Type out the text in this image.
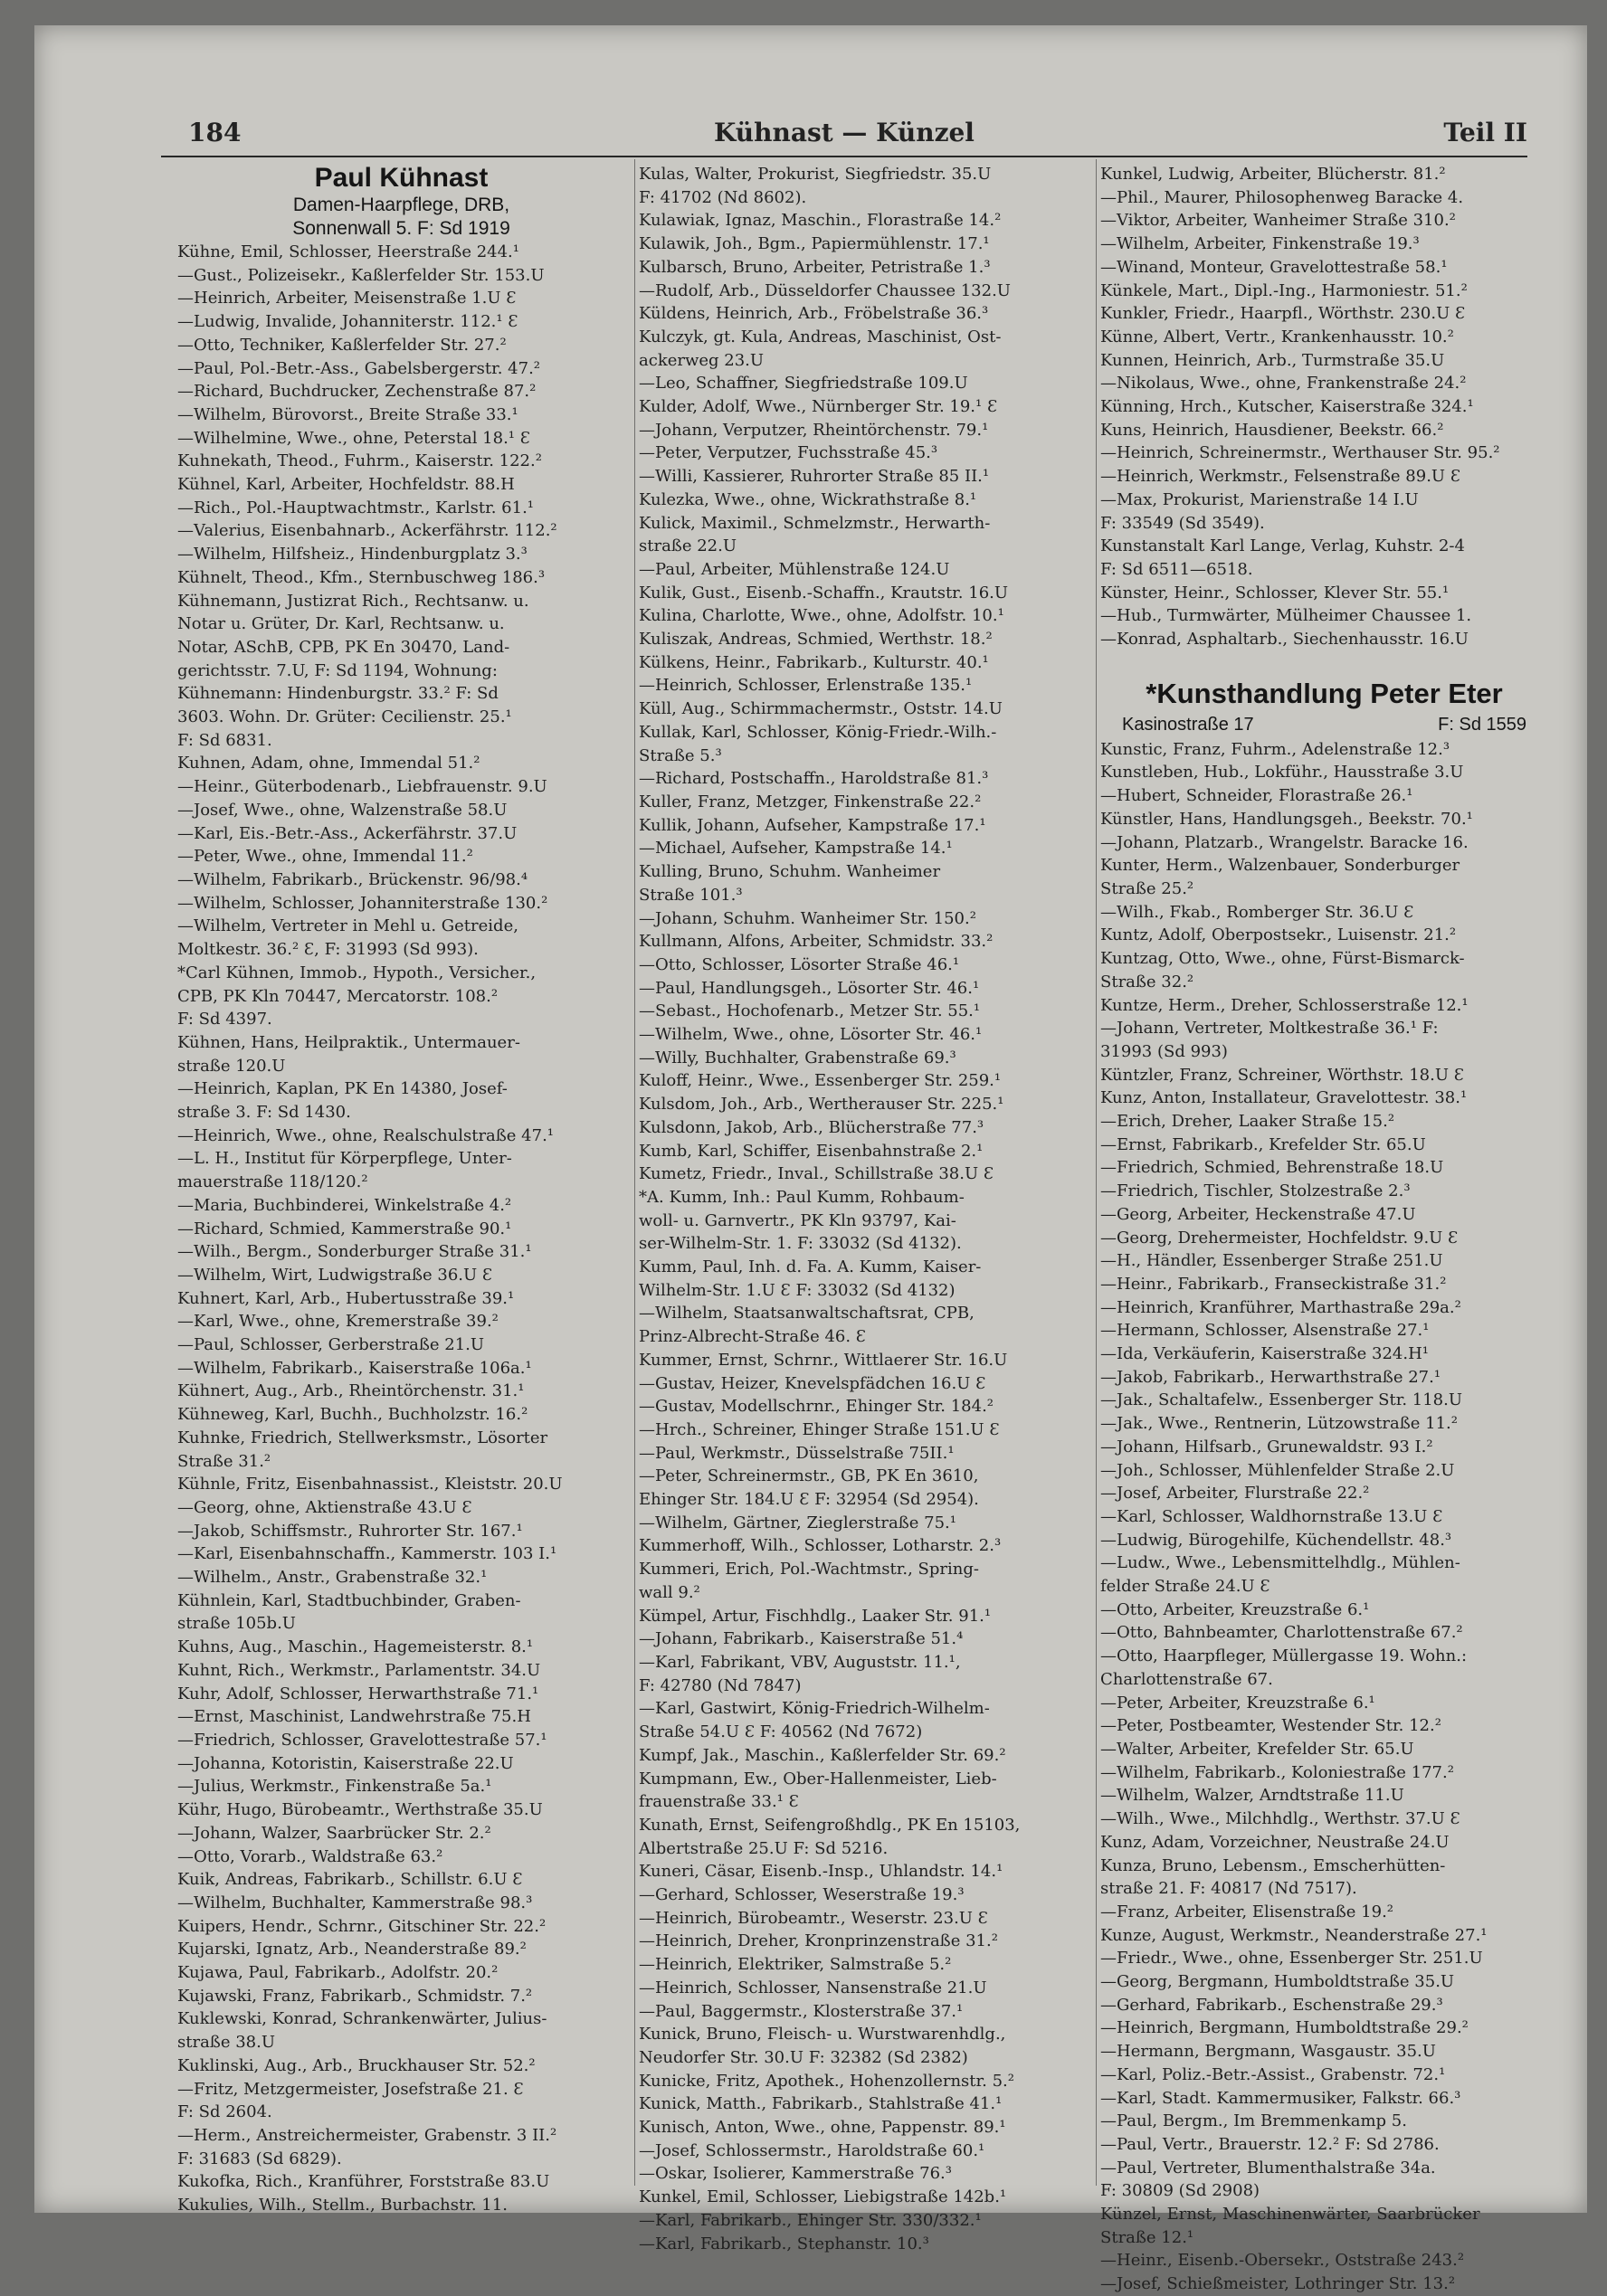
184	Kühnast — Künzel	Teil II
Paul Kühnast
Damen-Haarpflege, DRB,
Sonnenwall 5. F: Sd 1919
Kühne, Emil, Schlosser, Heerstraße 244.¹
—Gust., Polizeisekr., Kaßlerfelder Str. 153.U
—Heinrich, Arbeiter, Meisenstraße 1.U Ɛ
—Ludwig, Invalide, Johanniterstr. 112.¹ Ɛ
—Otto, Techniker, Kaßlerfelder Str. 27.²
—Paul, Pol.-Betr.-Ass., Gabelsbergerstr. 47.²
—Richard, Buchdrucker, Zechenstraße 87.²
—Wilhelm, Bürovorst., Breite Straße 33.¹
—Wilhelmine, Wwe., ohne, Peterstal 18.¹ Ɛ
Kuhnekath, Theod., Fuhrm., Kaiserstr. 122.²
Kühnel, Karl, Arbeiter, Hochfeldstr. 88.H
—Rich., Pol.-Hauptwachtmstr., Karlstr. 61.¹
—Valerius, Eisenbahnarb., Ackerfährstr. 112.²
—Wilhelm, Hilfsheiz., Hindenburgplatz 3.³
Kühnelt, Theod., Kfm., Sternbuschweg 186.³
Kühnemann, Justizrat Rich., Rechtsanw. u.
Notar u. Grüter, Dr. Karl, Rechtsanw. u.
Notar, ASchB, CPB, PK En 30470, Land-
gerichtsstr. 7.U, F: Sd 1194, Wohnung:
Kühnemann: Hindenburgstr. 33.² F: Sd
3603. Wohn. Dr. Grüter: Cecilienstr. 25.¹
F: Sd 6831.
Kuhnen, Adam, ohne, Immendal 51.²
—Heinr., Güterbodenarb., Liebfrauenstr. 9.U
—Josef, Wwe., ohne, Walzenstraße 58.U
—Karl, Eis.-Betr.-Ass., Ackerfährstr. 37.U
—Peter, Wwe., ohne, Immendal 11.²
—Wilhelm, Fabrikarb., Brückenstr. 96/98.⁴
—Wilhelm, Schlosser, Johanniterstraße 130.²
—Wilhelm, Vertreter in Mehl u. Getreide,
Moltkestr. 36.² Ɛ, F: 31993 (Sd 993).
*Carl Kühnen, Immob., Hypoth., Versicher.,
CPB, PK Kln 70447, Mercatorstr. 108.²
F: Sd 4397.
Kühnen, Hans, Heilpraktik., Untermauer-
straße 120.U
—Heinrich, Kaplan, PK En 14380, Josef-
straße 3. F: Sd 1430.
—Heinrich, Wwe., ohne, Realschulstraße 47.¹
—L. H., Institut für Körperpflege, Unter-
mauerstraße 118/120.²
—Maria, Buchbinderei, Winkelstraße 4.²
—Richard, Schmied, Kammerstraße 90.¹
—Wilh., Bergm., Sonderburger Straße 31.¹
—Wilhelm, Wirt, Ludwigstraße 36.U Ɛ
Kuhnert, Karl, Arb., Hubertusstraße 39.¹
—Karl, Wwe., ohne, Kremerstraße 39.²
—Paul, Schlosser, Gerberstraße 21.U
—Wilhelm, Fabrikarb., Kaiserstraße 106a.¹
Kühnert, Aug., Arb., Rheintörchenstr. 31.¹
Kühneweg, Karl, Buchh., Buchholzstr. 16.²
Kuhnke, Friedrich, Stellwerksmstr., Lösorter
Straße 31.²
Kühnle, Fritz, Eisenbahnassist., Kleiststr. 20.U
—Georg, ohne, Aktienstraße 43.U Ɛ
—Jakob, Schiffsmstr., Ruhrorter Str. 167.¹
—Karl, Eisenbahnschaffn., Kammerstr. 103 I.¹
—Wilhelm., Anstr., Grabenstraße 32.¹
Kühnlein, Karl, Stadtbuchbinder, Graben-
straße 105b.U
Kuhns, Aug., Maschin., Hagemeisterstr. 8.¹
Kuhnt, Rich., Werkmstr., Parlamentstr. 34.U
Kuhr, Adolf, Schlosser, Herwarthstraße 71.¹
—Ernst, Maschinist, Landwehrstraße 75.H
—Friedrich, Schlosser, Gravelottestraße 57.¹
—Johanna, Kotoristin, Kaiserstraße 22.U
—Julius, Werkmstr., Finkenstraße 5a.¹
Kühr, Hugo, Bürobeamtr., Werthstraße 35.U
—Johann, Walzer, Saarbrücker Str. 2.²
—Otto, Vorarb., Waldstraße 63.²
Kuik, Andreas, Fabrikarb., Schillstr. 6.U Ɛ
—Wilhelm, Buchhalter, Kammerstraße 98.³
Kuipers, Hendr., Schrnr., Gitschiner Str. 22.²
Kujarski, Ignatz, Arb., Neanderstraße 89.²
Kujawa, Paul, Fabrikarb., Adolfstr. 20.²
Kujawski, Franz, Fabrikarb., Schmidstr. 7.²
Kuklewski, Konrad, Schrankenwärter, Julius-
straße 38.U
Kuklinski, Aug., Arb., Bruckhauser Str. 52.²
—Fritz, Metzgermeister, Josefstraße 21. Ɛ
F: Sd 2604.
—Herm., Anstreichermeister, Grabenstr. 3 II.²
F: 31683 (Sd 6829).
Kukofka, Rich., Kranführer, Forststraße 83.U
Kukulies, Wilh., Stellm., Burbachstr. 11.
Kulas, Walter, Prokurist, Siegfriedstr. 35.U
F: 41702 (Nd 8602).
Kulawiak, Ignaz, Maschin., Florastraße 14.²
Kulawik, Joh., Bgm., Papiermühlenstr. 17.¹
Kulbarsch, Bruno, Arbeiter, Petristraße 1.³
—Rudolf, Arb., Düsseldorfer Chaussee 132.U
Küldens, Heinrich, Arb., Fröbelstraße 36.³
Kulczyk, gt. Kula, Andreas, Maschinist, Ost-
ackerweg 23.U
—Leo, Schaffner, Siegfriedstraße 109.U
Kulder, Adolf, Wwe., Nürnberger Str. 19.¹ Ɛ
—Johann, Verputzer, Rheintörchenstr. 79.¹
—Peter, Verputzer, Fuchsstraße 45.³
—Willi, Kassierer, Ruhrorter Straße 85 II.¹
Kulezka, Wwe., ohne, Wickrathstraße 8.¹
Kulick, Maximil., Schmelzmstr., Herwarth-
straße 22.U
—Paul, Arbeiter, Mühlenstraße 124.U
Kulik, Gust., Eisenb.-Schaffn., Krautstr. 16.U
Kulina, Charlotte, Wwe., ohne, Adolfstr. 10.¹
Kuliszak, Andreas, Schmied, Werthstr. 18.²
Külkens, Heinr., Fabrikarb., Kulturstr. 40.¹
—Heinrich, Schlosser, Erlenstraße 135.¹
Küll, Aug., Schirmmachermstr., Oststr. 14.U
Kullak, Karl, Schlosser, König-Friedr.-Wilh.-
Straße 5.³
—Richard, Postschaffn., Haroldstraße 81.³
Kuller, Franz, Metzger, Finkenstraße 22.²
Kullik, Johann, Aufseher, Kampstraße 17.¹
—Michael, Aufseher, Kampstraße 14.¹
Kulling, Bruno, Schuhm. Wanheimer
Straße 101.³
—Johann, Schuhm. Wanheimer Str. 150.²
Kullmann, Alfons, Arbeiter, Schmidstr. 33.²
—Otto, Schlosser, Lösorter Straße 46.¹
—Paul, Handlungsgeh., Lösorter Str. 46.¹
—Sebast., Hochofenarb., Metzer Str. 55.¹
—Wilhelm, Wwe., ohne, Lösorter Str. 46.¹
—Willy, Buchhalter, Grabenstraße 69.³
Kuloff, Heinr., Wwe., Essenberger Str. 259.¹
Kulsdom, Joh., Arb., Wertherauser Str. 225.¹
Kulsdonn, Jakob, Arb., Blücherstraße 77.³
Kumb, Karl, Schiffer, Eisenbahnstraße 2.¹
Kumetz, Friedr., Inval., Schillstraße 38.U Ɛ
*A. Kumm, Inh.: Paul Kumm, Rohbaum-
woll- u. Garnvertr., PK Kln 93797, Kai-
ser-Wilhelm-Str. 1. F: 33032 (Sd 4132).
Kumm, Paul, Inh. d. Fa. A. Kumm, Kaiser-
Wilhelm-Str. 1.U Ɛ F: 33032 (Sd 4132)
—Wilhelm, Staatsanwaltschaftsrat, CPB,
Prinz-Albrecht-Straße 46. Ɛ
Kummer, Ernst, Schrnr., Wittlaerer Str. 16.U
—Gustav, Heizer, Knevelspfädchen 16.U Ɛ
—Gustav, Modellschrnr., Ehinger Str. 184.²
—Hrch., Schreiner, Ehinger Straße 151.U Ɛ
—Paul, Werkmstr., Düsselstraße 75II.¹
—Peter, Schreinermstr., GB, PK En 3610,
Ehinger Str. 184.U Ɛ F: 32954 (Sd 2954).
—Wilhelm, Gärtner, Zieglerstraße 75.¹
Kummerhoff, Wilh., Schlosser, Lotharstr. 2.³
Kummeri, Erich, Pol.-Wachtmstr., Spring-
wall 9.²
Kümpel, Artur, Fischhdlg., Laaker Str. 91.¹
—Johann, Fabrikarb., Kaiserstraße 51.⁴
—Karl, Fabrikant, VBV, Auguststr. 11.¹,
F: 42780 (Nd 7847)
—Karl, Gastwirt, König-Friedrich-Wilhelm-
Straße 54.U Ɛ F: 40562 (Nd 7672)
Kumpf, Jak., Maschin., Kaßlerfelder Str. 69.²
Kumpmann, Ew., Ober-Hallenmeister, Lieb-
frauenstraße 33.¹ Ɛ
Kunath, Ernst, Seifengroßhdlg., PK En 15103,
Albertstraße 25.U F: Sd 5216.
Kuneri, Cäsar, Eisenb.-Insp., Uhlandstr. 14.¹
—Gerhard, Schlosser, Weserstraße 19.³
—Heinrich, Bürobeamtr., Weserstr. 23.U Ɛ
—Heinrich, Dreher, Kronprinzenstraße 31.²
—Heinrich, Elektriker, Salmstraße 5.²
—Heinrich, Schlosser, Nansenstraße 21.U
—Paul, Baggermstr., Klosterstraße 37.¹
Kunick, Bruno, Fleisch- u. Wurstwarenhdlg.,
Neudorfer Str. 30.U F: 32382 (Sd 2382)
Kunicke, Fritz, Apothek., Hohenzollernstr. 5.²
Kunick, Matth., Fabrikarb., Stahlstraße 41.¹
Kunisch, Anton, Wwe., ohne, Pappenstr. 89.¹
—Josef, Schlossermstr., Haroldstraße 60.¹
—Oskar, Isolierer, Kammerstraße 76.³
Kunkel, Emil, Schlosser, Liebigstraße 142b.¹
—Karl, Fabrikarb., Ehinger Str. 330/332.¹
—Karl, Fabrikarb., Stephanstr. 10.³
Kunkel, Ludwig, Arbeiter, Blücherstr. 81.²
—Phil., Maurer, Philosophenweg Baracke 4.
—Viktor, Arbeiter, Wanheimer Straße 310.²
—Wilhelm, Arbeiter, Finkenstraße 19.³
—Winand, Monteur, Gravelottestraße 58.¹
Künkele, Mart., Dipl.-Ing., Harmoniestr. 51.²
Kunkler, Friedr., Haarpfl., Wörthstr. 230.U Ɛ
Künne, Albert, Vertr., Krankenhausstr. 10.²
Kunnen, Heinrich, Arb., Turmstraße 35.U
—Nikolaus, Wwe., ohne, Frankenstraße 24.²
Künning, Hrch., Kutscher, Kaiserstraße 324.¹
Kuns, Heinrich, Hausdiener, Beekstr. 66.²
—Heinrich, Schreinermstr., Werthauser Str. 95.²
—Heinrich, Werkmstr., Felsenstraße 89.U Ɛ
—Max, Prokurist, Marienstraße 14 I.U
F: 33549 (Sd 3549).
Kunstanstalt Karl Lange, Verlag, Kuhstr. 2-4
F: Sd 6511—6518.
Künster, Heinr., Schlosser, Klever Str. 55.¹
—Hub., Turmwärter, Mülheimer Chaussee 1.
—Konrad, Asphaltarb., Siechenhausstr. 16.U
*Kunsthandlung Peter Eter
Kasinostraße 17	F: Sd 1559
Kunstic, Franz, Fuhrm., Adelenstraße 12.³
Kunstleben, Hub., Lokführ., Hausstraße 3.U
—Hubert, Schneider, Florastraße 26.¹
Künstler, Hans, Handlungsgeh., Beekstr. 70.¹
—Johann, Platzarb., Wrangelstr. Baracke 16.
Kunter, Herm., Walzenbauer, Sonderburger
Straße 25.²
—Wilh., Fkab., Romberger Str. 36.U Ɛ
Kuntz, Adolf, Oberpostsekr., Luisenstr. 21.²
Kuntzag, Otto, Wwe., ohne, Fürst-Bismarck-
Straße 32.²
Kuntze, Herm., Dreher, Schlosserstraße 12.¹
—Johann, Vertreter, Moltkestraße 36.¹ F:
31993 (Sd 993)
Küntzler, Franz, Schreiner, Wörthstr. 18.U Ɛ
Kunz, Anton, Installateur, Gravelottestr. 38.¹
—Erich, Dreher, Laaker Straße 15.²
—Ernst, Fabrikarb., Krefelder Str. 65.U
—Friedrich, Schmied, Behrenstraße 18.U
—Friedrich, Tischler, Stolzestraße 2.³
—Georg, Arbeiter, Heckenstraße 47.U
—Georg, Drehermeister, Hochfeldstr. 9.U Ɛ
—H., Händler, Essenberger Straße 251.U
—Heinr., Fabrikarb., Franseckistraße 31.²
—Heinrich, Kranführer, Marthastraße 29a.²
—Hermann, Schlosser, Alsenstraße 27.¹
—Ida, Verkäuferin, Kaiserstraße 324.H¹
—Jakob, Fabrikarb., Herwarthstraße 27.¹
—Jak., Schaltafelw., Essenberger Str. 118.U
—Jak., Wwe., Rentnerin, Lützowstraße 11.²
—Johann, Hilfsarb., Grunewaldstr. 93 I.²
—Joh., Schlosser, Mühlenfelder Straße 2.U
—Josef, Arbeiter, Flurstraße 22.²
—Karl, Schlosser, Waldhornstraße 13.U Ɛ
—Ludwig, Bürogehilfe, Küchendellstr. 48.³
—Ludw., Wwe., Lebensmittelhdlg., Mühlen-
felder Straße 24.U Ɛ
—Otto, Arbeiter, Kreuzstraße 6.¹
—Otto, Bahnbeamter, Charlottenstraße 67.²
—Otto, Haarpfleger, Müllergasse 19. Wohn.:
Charlottenstraße 67.
—Peter, Arbeiter, Kreuzstraße 6.¹
—Peter, Postbeamter, Westender Str. 12.²
—Walter, Arbeiter, Krefelder Str. 65.U
—Wilhelm, Fabrikarb., Koloniestraße 177.²
—Wilhelm, Walzer, Arndtstraße 11.U
—Wilh., Wwe., Milchhdlg., Werthstr. 37.U Ɛ
Kunz, Adam, Vorzeichner, Neustraße 24.U
Kunza, Bruno, Lebensm., Emscherhütten-
straße 21. F: 40817 (Nd 7517).
—Franz, Arbeiter, Elisenstraße 19.²
Kunze, August, Werkmstr., Neanderstraße 27.¹
—Friedr., Wwe., ohne, Essenberger Str. 251.U
—Georg, Bergmann, Humboldtstraße 35.U
—Gerhard, Fabrikarb., Eschenstraße 29.³
—Heinrich, Bergmann, Humboldtstraße 29.²
—Hermann, Bergmann, Wasgaustr. 35.U
—Karl, Poliz.-Betr.-Assist., Grabenstr. 72.¹
—Karl, Stadt. Kammermusiker, Falkstr. 66.³
—Paul, Bergm., Im Bremmenkamp 5.
—Paul, Vertr., Brauerstr. 12.² F: Sd 2786.
—Paul, Vertreter, Blumenthalstraße 34a.
F: 30809 (Sd 2908)
Künzel, Ernst, Maschinenwärter, Saarbrücker
Straße 12.¹
—Heinr., Eisenb.-Obersekr., Oststraße 243.²
—Josef, Schießmeister, Lothringer Str. 13.²
